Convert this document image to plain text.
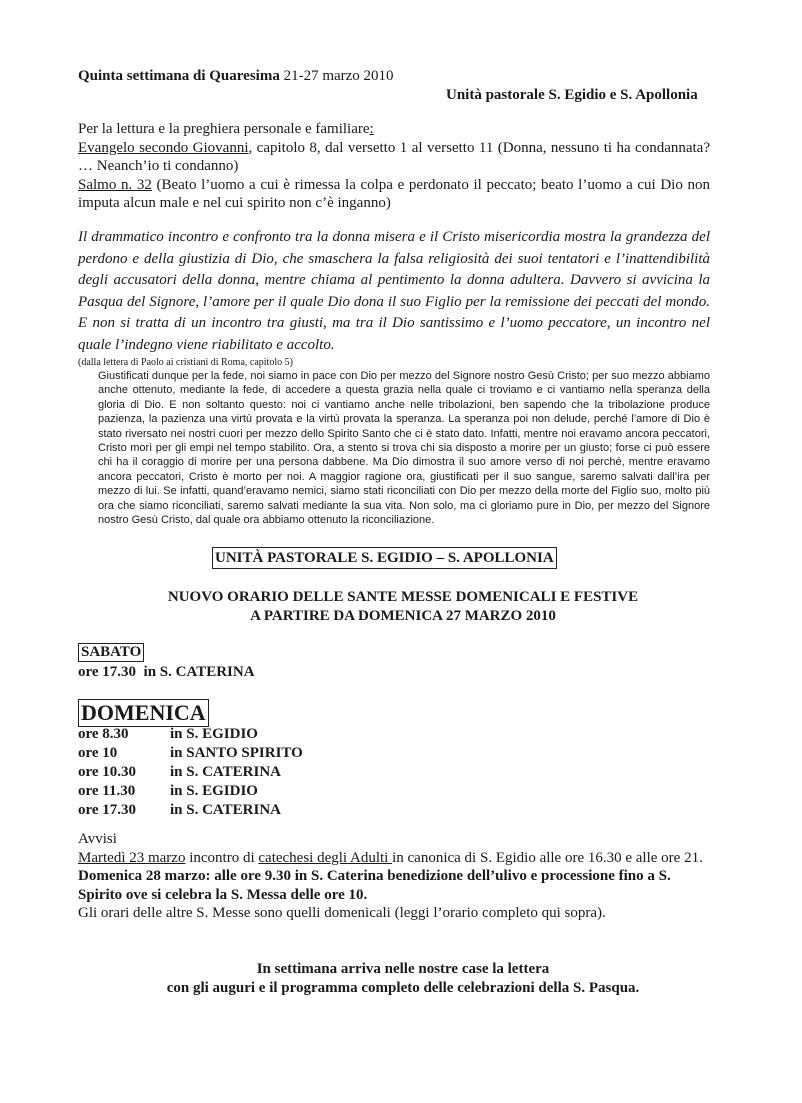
Quinta settimana di Quaresima 21-27 marzo 2010
Unità pastorale S. Egidio e S. Apollonia

Per la lettura e la preghiera personale e familiare:

Evangelo secondo Giovanni, capitolo 8, dal versetto 1 al versetto 11 (Donna, nessuno ti ha condannata? … Neanch’io ti condanno)

Salmo n. 32 (Beato l’uomo a cui è rimessa la colpa e perdonato il peccato; beato l’uomo a cui Dio non imputa alcun male e nel cui spirito non c’è inganno)

Il drammatico incontro e confronto tra la donna misera e il Cristo misericordia mostra la grandezza del perdono e della giustizia di Dio, che smaschera la falsa religiosità dei suoi tentatori e l’inattendibilità degli accusatori della donna, mentre chiama al pentimento la donna adultera. Davvero si avvicina la Pasqua del Signore, l’amore per il quale Dio dona il suo Figlio per la remissione dei peccati del mondo. E non si tratta di un incontro tra giusti, ma tra il Dio santissimo e l’uomo peccatore, un incontro nel quale l’indegno viene riabilitato e accolto.
(dalla lettera di Paolo ai cristiani di Roma, capitolo 5)
Giustificati dunque per la fede, noi siamo in pace con Dio per mezzo del Signore nostro Gesù Cristo; per suo mezzo abbiamo anche ottenuto, mediante la fede, di accedere a questa grazia nella quale ci troviamo e ci vantiamo nella speranza della gloria di Dio. E non soltanto questo: noi ci vantiamo anche nelle tribolazioni, ben sapendo che la tribolazione produce pazienza, la pazienza una virtù provata e la virtù provata la speranza. La speranza poi non delude, perché l’amore di Dio è stato riversato nei nostri cuori per mezzo dello Spirito Santo che ci è stato dato. Infatti, mentre noi eravamo ancora peccatori, Cristo morì per gli empi nel tempo stabilito. Ora, a stento si trova chi sia disposto a morire per un giusto; forse ci può essere chi ha il coraggio di morire per una persona dabbene. Ma Dio dimostra il suo amore verso di noi perché, mentre eravamo ancora peccatori, Cristo è morto per noi. A maggior ragione ora, giustificati per il suo sangue, saremo salvati dall’ira per mezzo di lui. Se infatti, quand’eravamo nemici, siamo stati riconciliati con Dio per mezzo della morte del Figlio suo, molto più ora che siamo riconciliati, saremo salvati mediante la sua vita. Non solo, ma ci gloriamo pure in Dio, per mezzo del Signore nostro Gesù Cristo, dal quale ora abbiamo ottenuto la riconciliazione.
UNITÀ PASTORALE S. EGIDIO – S. APOLLONIA
NUOVO ORARIO DELLE SANTE MESSE DOMENICALI E FESTIVE
A PARTIRE DA DOMENICA 27 MARZO 2010
SABATO
ore 17.30  in S. CATERINA
DOMENICA
ore 8.30	in S. EGIDIO
ore 10	in SANTO SPIRITO
ore 10.30	in S. CATERINA
ore 11.30	in S. EGIDIO
ore 17.30	in S. CATERINA

Avvisi

Martedì 23 marzo incontro di catechesi degli Adulti in canonica di S. Egidio alle ore 16.30 e alle ore 21.

Domenica 28 marzo: alle ore 9.30 in S. Caterina benedizione dell’ulivo e processione fino a S. Spirito ove si celebra la S. Messa delle ore 10.

Gli orari delle altre S. Messe sono quelli domenicali (leggi l’orario completo qui sopra).

In settimana arriva nelle nostre case la lettera
con gli auguri e il programma completo delle celebrazioni della S. Pasqua.
